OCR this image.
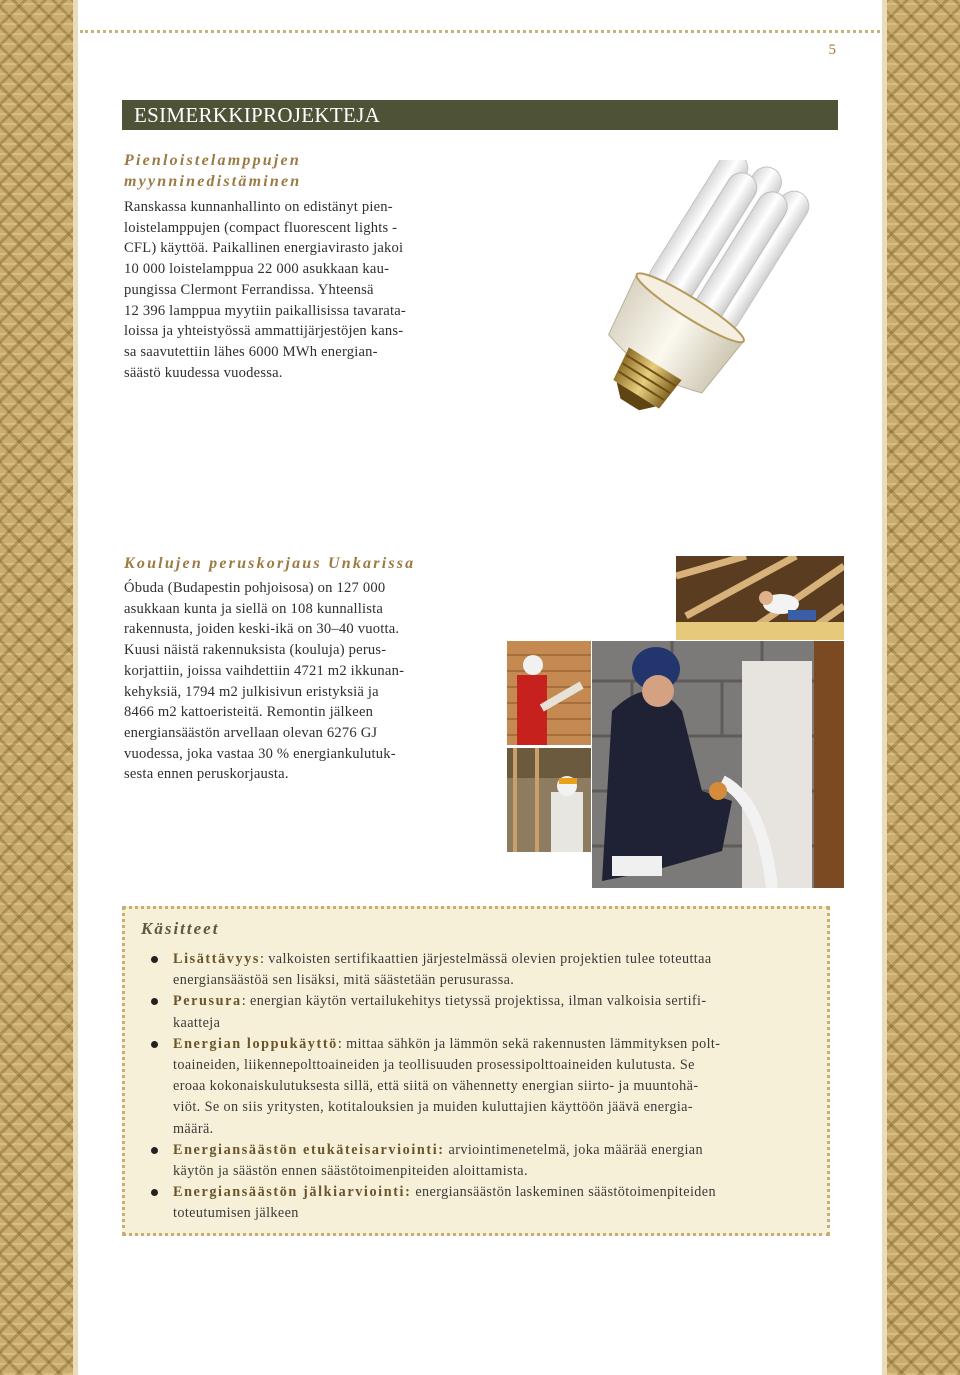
5
ESIMERKKIPROJEKTEJA
Pienloistelamppujen
myynninedistäminen
Ranskassa kunnanhallinto on edistänyt pien-
loistelamppujen (compact fluorescent lights -
CFL) käyttöä. Paikallinen energiavirasto jakoi
10 000 loistelamppua 22 000 asukkaan kau-
pungissa Clermont Ferrandissa. Yhteensä
12 396 lamppua myytiin paikallisissa tavarata-
loissa ja yhteistyössä ammattijärjestöjen kans-
sa saavutettiin lähes 6000 MWh energian-
säästö kuudessa vuodessa.
Koulujen peruskorjaus Unkarissa
Óbuda (Budapestin pohjoisosa) on 127 000
asukkaan kunta ja siellä on 108 kunnallista
rakennusta, joiden keski-ikä on 30–40 vuotta.
Kuusi näistä rakennuksista (kouluja) perus-
korjattiin, joissa vaihdettiin 4721 m2 ikkunan-
kehyksiä, 1794 m2 julkisivun eristyksiä ja
8466 m2 kattoeristeitä. Remontin jälkeen
energiansäästön arvellaan olevan 6276 GJ
vuodessa, joka vastaa 30 % energiankulutuk-
sesta ennen peruskorjausta.
Käsitteet
Lisättävyys: valkoisten sertifikaattien järjestelmässä olevien projektien tulee toteuttaa
energiansäästöä sen lisäksi, mitä säästetään perusurassa.
Perusura: energian käytön vertailukehitys tietyssä projektissa, ilman valkoisia sertifi-
kaatteja
Energian loppukäyttö: mittaa sähkön ja lämmön sekä rakennusten lämmityksen polt-
toaineiden, liikennepolttoaineiden ja teollisuuden prosessipolttoaineiden kulutusta. Se
eroaa kokonaiskulutuksesta sillä, että siitä on vähennetty energian siirto- ja muuntohä-
viöt. Se on siis yritysten, kotitalouksien ja muiden kuluttajien käyttöön jäävä energia-
määrä.
Energiansäästön etukäteisarviointi: arviointimenetelmä, joka määrää energian
käytön ja säästön ennen säästötoimenpiteiden aloittamista.
Energiansäästön jälkiarviointi: energiansäästön laskeminen säästötoimenpiteiden
toteutumisen jälkeen
